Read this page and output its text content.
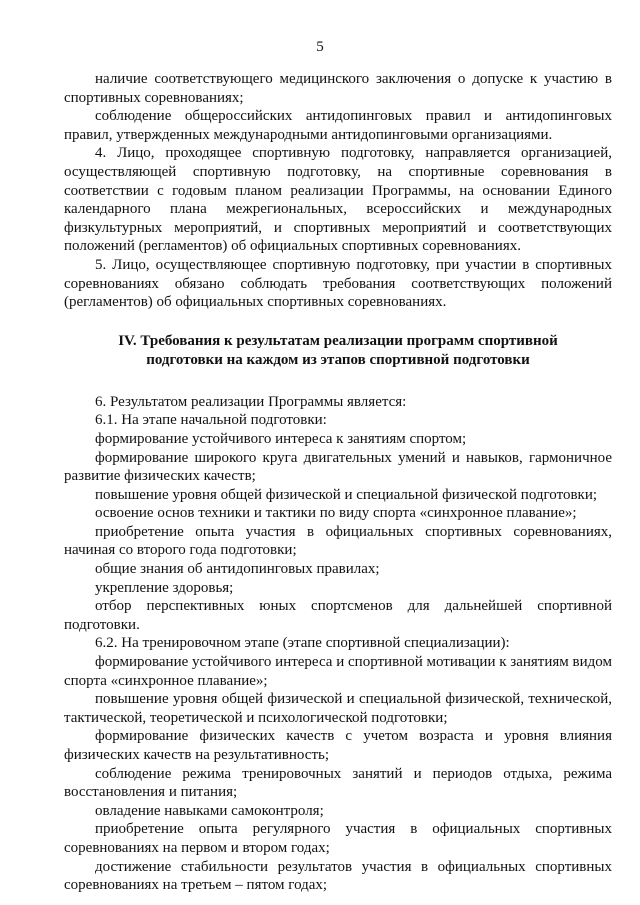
5

наличие соответствующего медицинского заключения о допуске к участию в спортивных соревнованиях;

соблюдение общероссийских антидопинговых правил и антидопинговых правил, утвержденных международными антидопинговыми организациями.

4. Лицо, проходящее спортивную подготовку, направляется организацией, осуществляющей спортивную подготовку, на спортивные соревнования в соответствии с годовым планом реализации Программы, на основании Единого календарного плана межрегиональных, всероссийских и международных физкультурных мероприятий, и спортивных мероприятий и соответствующих положений (регламентов) об официальных спортивных соревнованиях.

5. Лицо, осуществляющее спортивную подготовку, при участии в спортивных соревнованиях обязано соблюдать требования соответствующих положений (регламентов) об официальных спортивных соревнованиях.

IV. Требования к результатам реализации программ спортивной подготовки на каждом из этапов спортивной подготовки

6. Результатом реализации Программы является:

6.1. На этапе начальной подготовки:

формирование устойчивого интереса к занятиям спортом;

формирование широкого круга двигательных умений и навыков, гармоничное развитие физических качеств;

повышение уровня общей физической и специальной физической подготовки;

освоение основ техники и тактики по виду спорта «синхронное плавание»;

приобретение опыта участия в официальных спортивных соревнованиях, начиная со второго года подготовки;

общие знания об антидопинговых правилах;

укрепление здоровья;

отбор перспективных юных спортсменов для дальнейшей спортивной подготовки.

6.2. На тренировочном этапе (этапе спортивной специализации):

формирование устойчивого интереса и спортивной мотивации к занятиям видом спорта «синхронное плавание»;

повышение уровня общей физической и специальной физической, технической, тактической, теоретической и психологической подготовки;

формирование физических качеств с учетом возраста и уровня влияния физических качеств на результативность;

соблюдение режима тренировочных занятий и периодов отдыха, режима восстановления и питания;

овладение навыками самоконтроля;

приобретение опыта регулярного участия в официальных спортивных соревнованиях на первом и втором годах;

достижение стабильности результатов участия в официальных спортивных соревнованиях на третьем – пятом годах;
